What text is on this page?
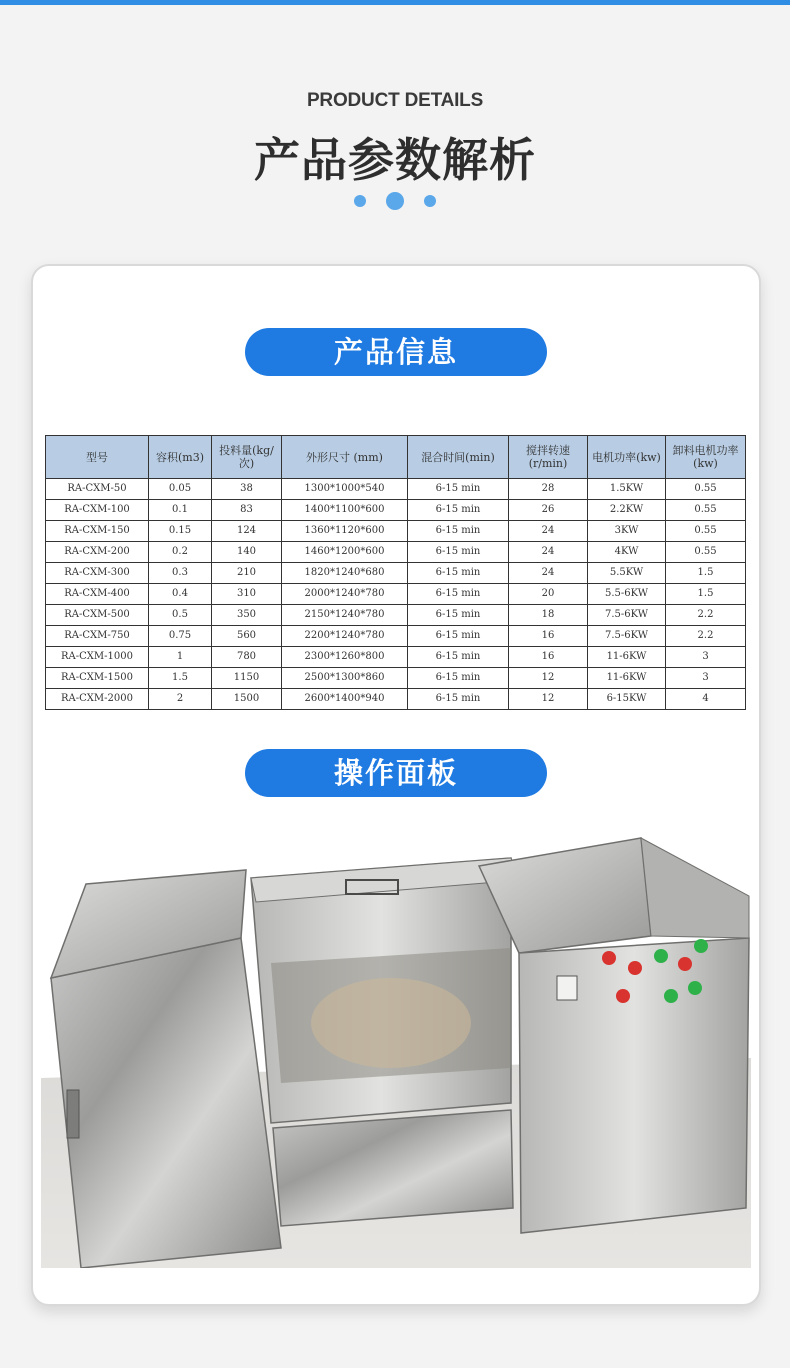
PRODUCT DETAILS
产品参数解析
产品信息
型号	容积(m3)	投料量(kg/次)	外形尺寸 (mm)	混合时间(min)	搅拌转速(r/min)	电机功率(kw)	卸料电机功率(kw)
RA-CXM-50	0.05	38	1300*1000*540	6-15 min	28	1.5KW	0.55
RA-CXM-100	0.1	83	1400*1100*600	6-15 min	26	2.2KW	0.55
RA-CXM-150	0.15	124	1360*1120*600	6-15 min	24	3KW	0.55
RA-CXM-200	0.2	140	1460*1200*600	6-15 min	24	4KW	0.55
RA-CXM-300	0.3	210	1820*1240*680	6-15 min	24	5.5KW	1.5
RA-CXM-400	0.4	310	2000*1240*780	6-15 min	20	5.5-6KW	1.5
RA-CXM-500	0.5	350	2150*1240*780	6-15 min	18	7.5-6KW	2.2
RA-CXM-750	0.75	560	2200*1240*780	6-15 min	16	7.5-6KW	2.2
RA-CXM-1000	1	780	2300*1260*800	6-15 min	16	11-6KW	3
RA-CXM-1500	1.5	1150	2500*1300*860	6-15 min	12	11-6KW	3
RA-CXM-2000	2	1500	2600*1400*940	6-15 min	12	6-15KW	4
操作面板
